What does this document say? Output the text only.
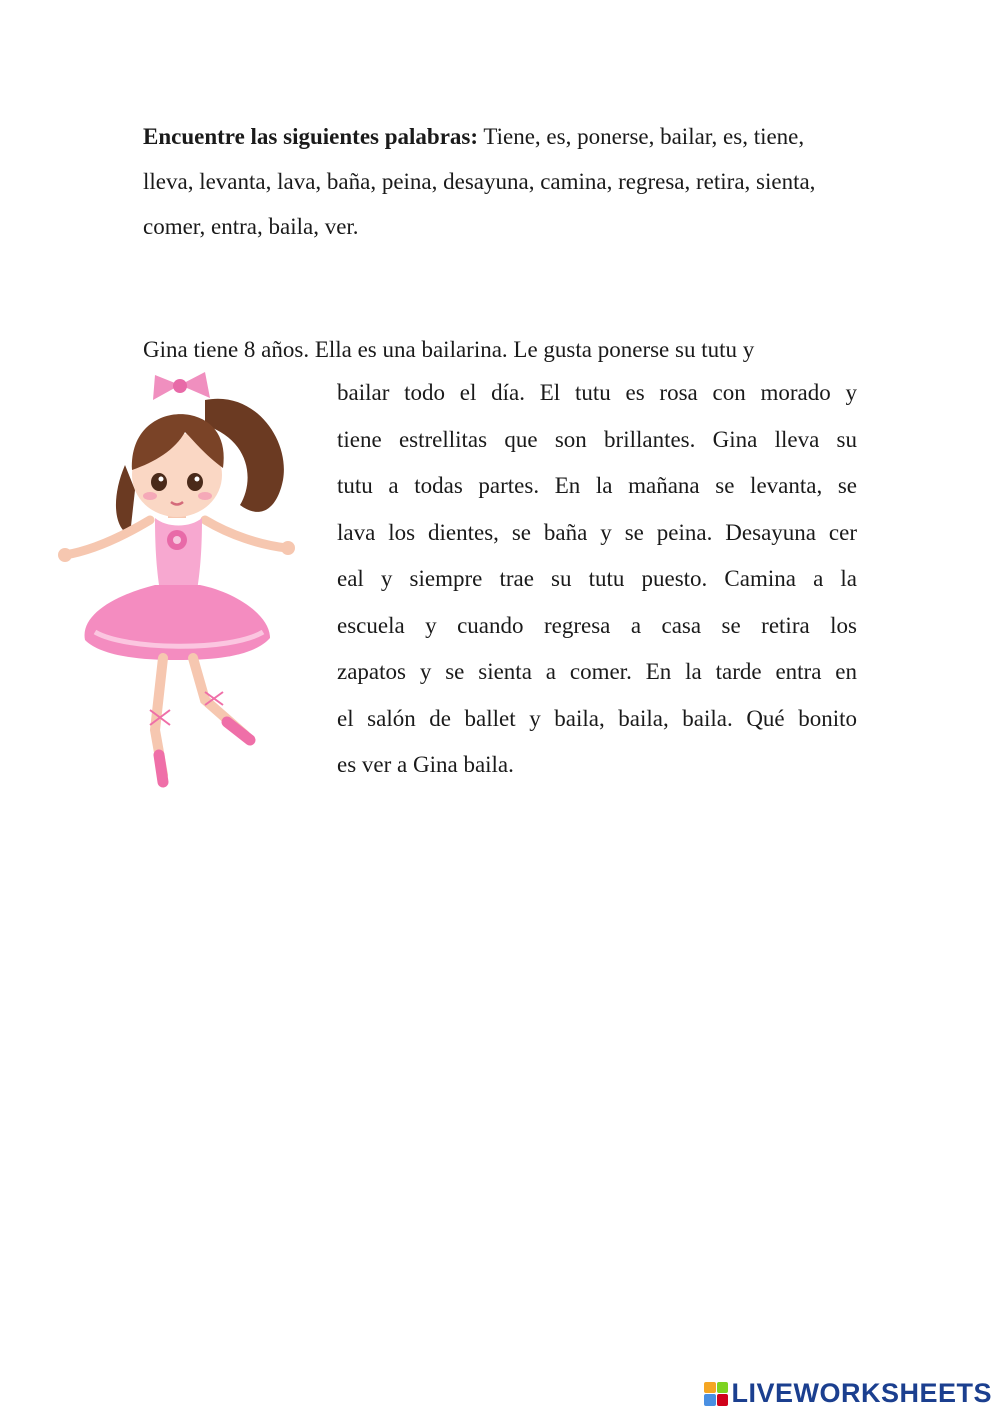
Encuentre las siguientes palabras: Tiene, es, ponerse, bailar, es, tiene, lleva, levanta, lava, baña, peina, desayuna, camina, regresa, retira, sienta, comer, entra, baila, ver.

Gina tiene 8 años. Ella es una bailarina. Le gusta ponerse su tutu y

bailar todo el día. El tutu es rosa con morado y
tiene estrellitas que son brillantes. Gina lleva su
tutu a todas partes. En la mañana se levanta, se
lava los dientes, se baña y se peina. Desayuna cer
eal y siempre trae su tutu puesto. Camina a la
escuela y cuando regresa a casa se retira los
zapatos y se sienta a comer. En la tarde entra en
el salón de ballet y baila, baila, baila. Qué bonito
es ver a Gina baila.
LIVEWORKSHEETS
